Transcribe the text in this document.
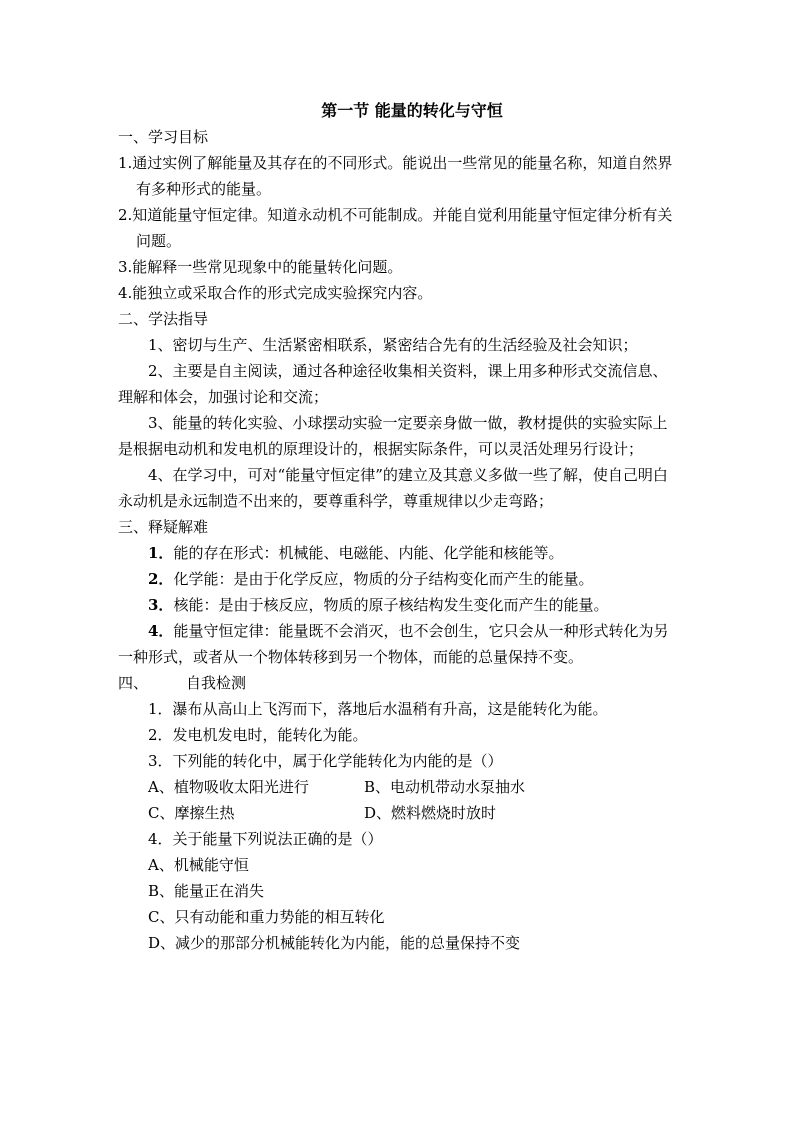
第一节 能量的转化与守恒
一、学习目标
1.通过实例了解能量及其存在的不同形式。能说出一些常见的能量名称，知道自然界有多种形式的能量。
2.知道能量守恒定律。知道永动机不可能制成。并能自觉利用能量守恒定律分析有关问题。
3.能解释一些常见现象中的能量转化问题。
4.能独立或采取合作的形式完成实验探究内容。
二、学法指导
1、密切与生产、生活紧密相联系，紧密结合先有的生活经验及社会知识；
2、主要是自主阅读，通过各种途径收集相关资料，课上用多种形式交流信息、理解和体会，加强讨论和交流；
3、能量的转化实验、小球摆动实验一定要亲身做一做，教材提供的实验实际上是根据电动机和发电机的原理设计的，根据实际条件，可以灵活处理另行设计；
4、在学习中，可对“能量守恒定律”的建立及其意义多做一些了解，使自己明白永动机是永远制造不出来的，要尊重科学，尊重规律以少走弯路；
三、释疑解难
1．能的存在形式：机械能、电磁能、内能、化学能和核能等。
2．化学能：是由于化学反应，物质的分子结构变化而产生的能量。
3．核能：是由于核反应，物质的原子核结构发生变化而产生的能量。
4．能量守恒定律：能量既不会消灭，也不会创生，它只会从一种形式转化为另一种形式，或者从一个物体转移到另一个物体，而能的总量保持不变。
四、	自我检测
1．瀑布从高山上飞泻而下，落地后水温稍有升高，这是能转化为能。
2．发电机发电时，能转化为能。
3．下列能的转化中，属于化学能转化为内能的是（）
A、植物吸收太阳光进行	B、电动机带动水泵抽水
C、摩擦生热	D、燃料燃烧时放时
4．关于能量下列说法正确的是（）
A、机械能守恒
B、能量正在消失
C、只有动能和重力势能的相互转化
D、减少的那部分机械能转化为内能，能的总量保持不变
